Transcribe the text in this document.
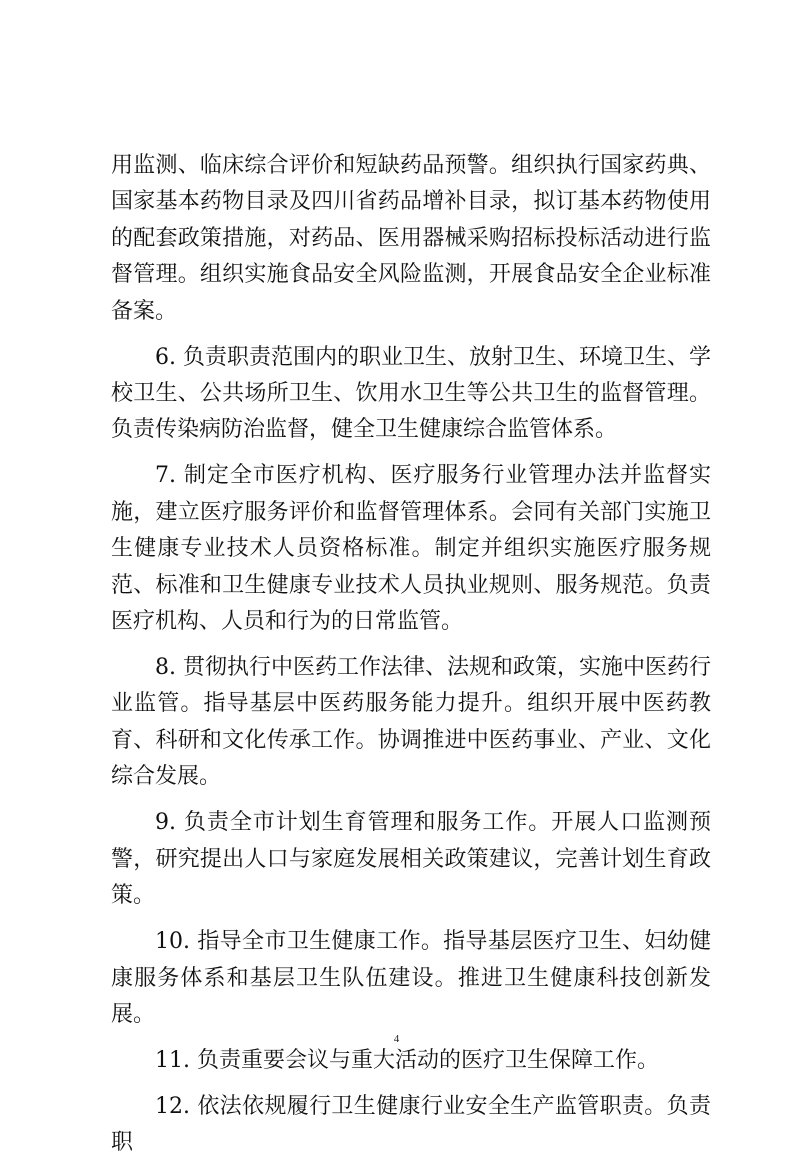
用监测、临床综合评价和短缺药品预警。组织执行国家药典、国家基本药物目录及四川省药品增补目录，拟订基本药物使用的配套政策措施，对药品、医用器械采购招标投标活动进行监督管理。组织实施食品安全风险监测，开展食品安全企业标准备案。

6. 负责职责范围内的职业卫生、放射卫生、环境卫生、学校卫生、公共场所卫生、饮用水卫生等公共卫生的监督管理。负责传染病防治监督，健全卫生健康综合监管体系。

7. 制定全市医疗机构、医疗服务行业管理办法并监督实施，建立医疗服务评价和监督管理体系。会同有关部门实施卫生健康专业技术人员资格标准。制定并组织实施医疗服务规范、标准和卫生健康专业技术人员执业规则、服务规范。负责医疗机构、人员和行为的日常监管。

8. 贯彻执行中医药工作法律、法规和政策，实施中医药行业监管。指导基层中医药服务能力提升。组织开展中医药教育、科研和文化传承工作。协调推进中医药事业、产业、文化综合发展。

9. 负责全市计划生育管理和服务工作。开展人口监测预警，研究提出人口与家庭发展相关政策建议，完善计划生育政策。

10. 指导全市卫生健康工作。指导基层医疗卫生、妇幼健康服务体系和基层卫生队伍建设。推进卫生健康科技创新发展。

11. 负责重要会议与重大活动的医疗卫生保障工作。

12. 依法依规履行卫生健康行业安全生产监管职责。负责职

4
